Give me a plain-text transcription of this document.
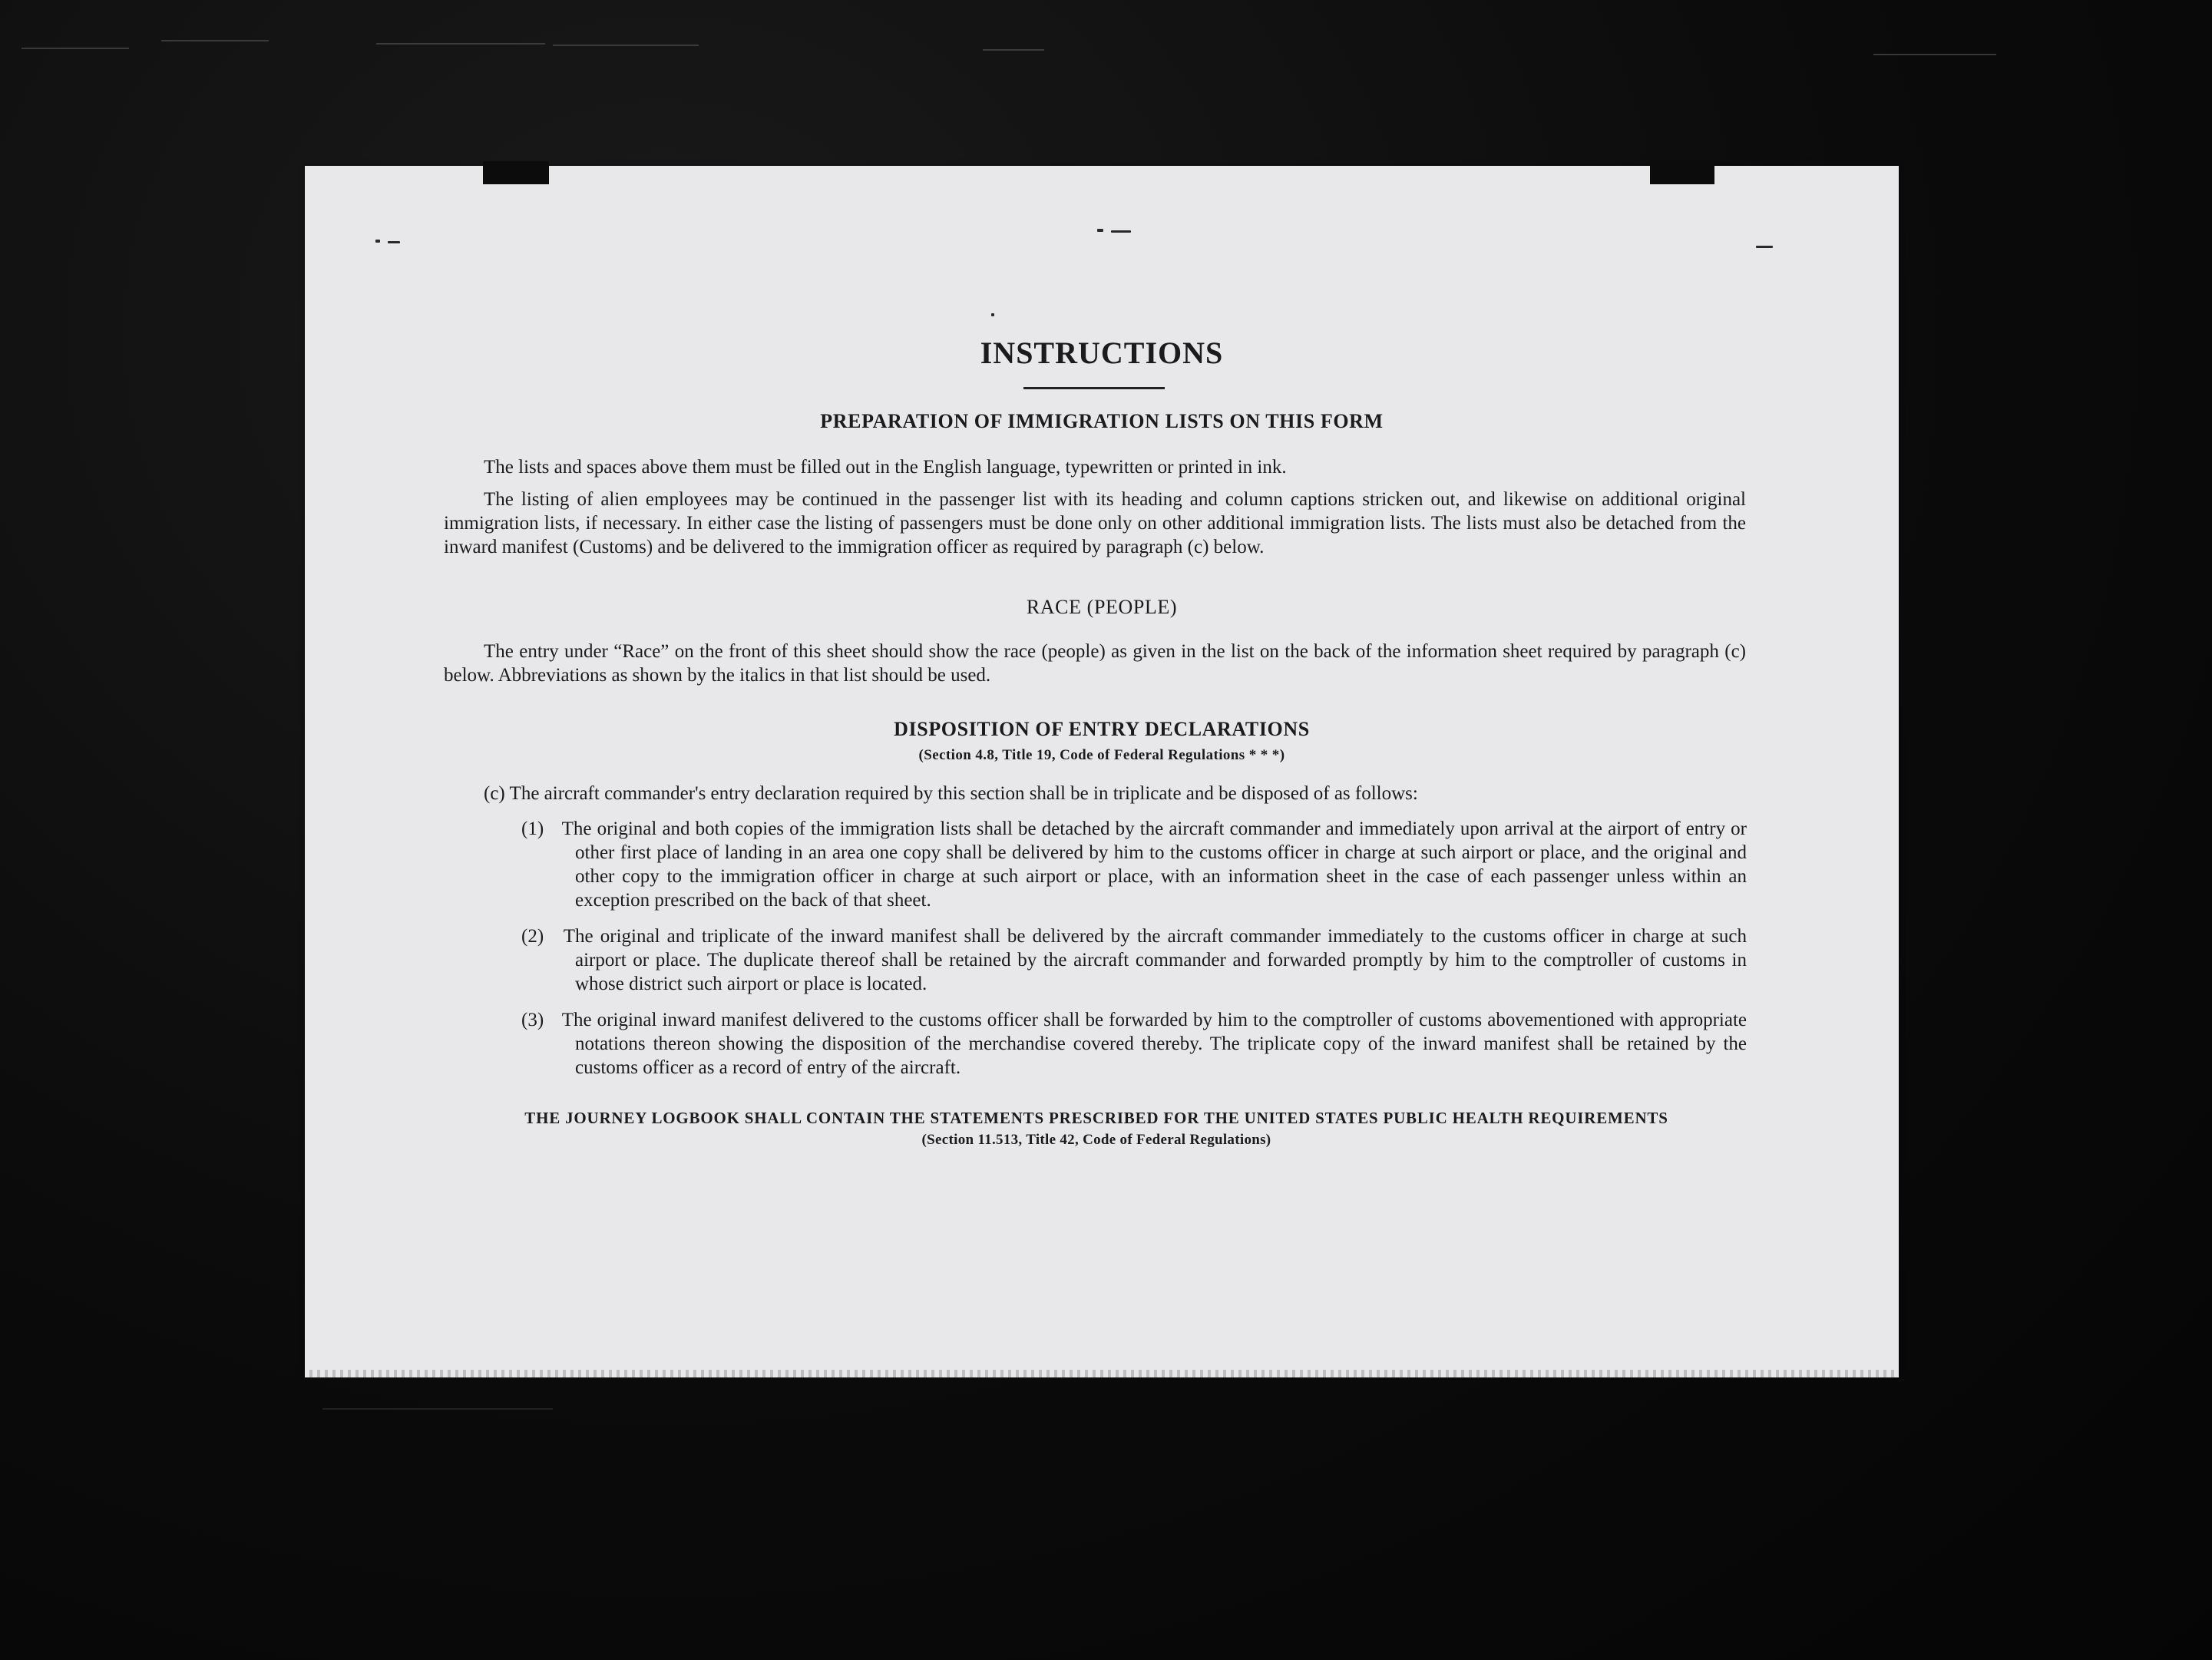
INSTRUCTIONS
PREPARATION OF IMMIGRATION LISTS ON THIS FORM
The lists and spaces above them must be filled out in the English language, typewritten or printed in ink.
The listing of alien employees may be continued in the passenger list with its heading and column captions stricken out, and likewise on additional original immigration lists, if necessary. In either case the listing of passengers must be done only on other additional immigration lists. The lists must also be detached from the inward manifest (Customs) and be delivered to the immigration officer as required by paragraph (c) below.
RACE (PEOPLE)
The entry under “Race” on the front of this sheet should show the race (people) as given in the list on the back of the information sheet required by paragraph (c) below. Abbreviations as shown by the italics in that list should be used.
DISPOSITION OF ENTRY DECLARATIONS
(Section 4.8, Title 19, Code of Federal Regulations * * *)
(c) The aircraft commander's entry declaration required by this section shall be in triplicate and be disposed of as follows:
(1) The original and both copies of the immigration lists shall be detached by the aircraft commander and immediately upon arrival at the airport of entry or other first place of landing in an area one copy shall be delivered by him to the customs officer in charge at such airport or place, and the original and other copy to the immigration officer in charge at such airport or place, with an information sheet in the case of each passenger unless within an exception prescribed on the back of that sheet.
(2) The original and triplicate of the inward manifest shall be delivered by the aircraft commander immediately to the customs officer in charge at such airport or place. The duplicate thereof shall be retained by the aircraft commander and forwarded promptly by him to the comptroller of customs in whose district such airport or place is located.
(3) The original inward manifest delivered to the customs officer shall be forwarded by him to the comptroller of customs abovementioned with appropriate notations thereon showing the disposition of the merchandise covered thereby. The triplicate copy of the inward manifest shall be retained by the customs officer as a record of entry of the aircraft.
THE JOURNEY LOGBOOK SHALL CONTAIN THE STATEMENTS PRESCRIBED FOR THE UNITED STATES PUBLIC HEALTH REQUIREMENTS
(Section 11.513, Title 42, Code of Federal Regulations)
